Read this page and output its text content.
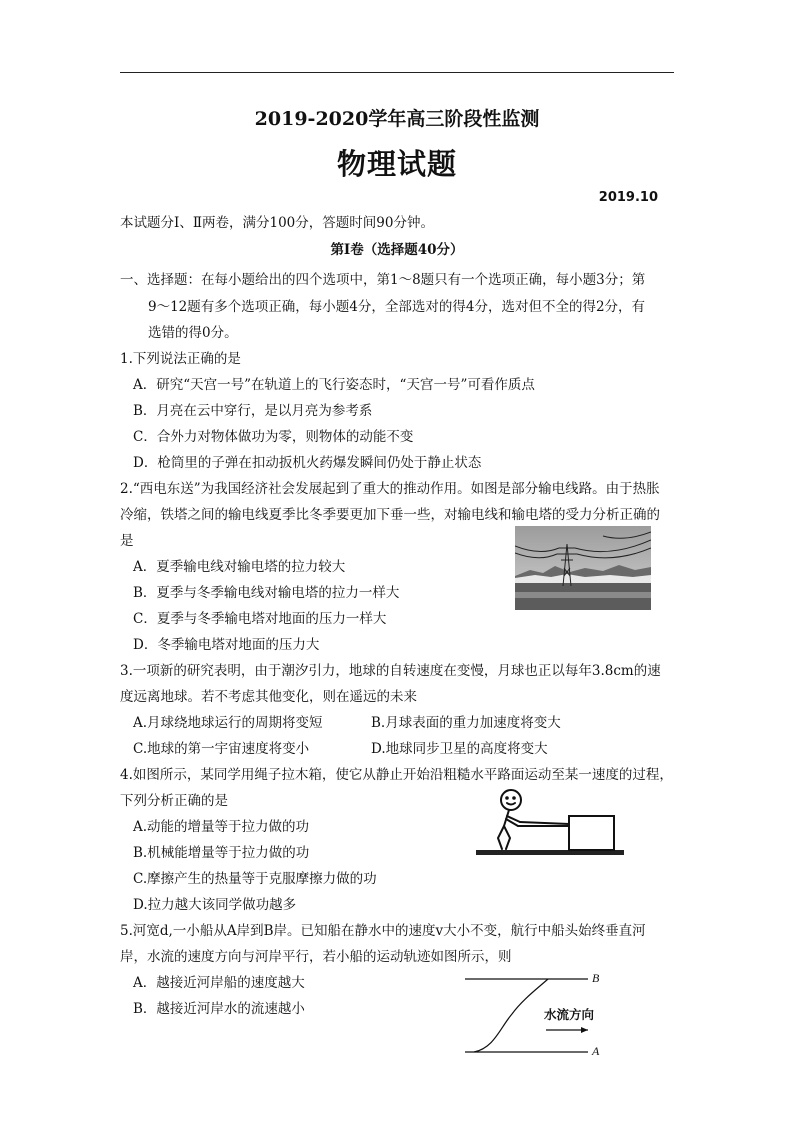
2019-2020学年高三阶段性监测
物理试题
2019.10
本试题分Ⅰ、Ⅱ两卷，满分100分，答题时间90分钟。
第Ⅰ卷（选择题40分）
一、选择题：在每小题给出的四个选项中，第1～8题只有一个选项正确，每小题3分；第
9～12题有多个选项正确，每小题4分，全部选对的得4分，选对但不全的得2分，有
选错的得0分。
1.下列说法正确的是
A．研究“天宫一号”在轨道上的飞行姿态时，“天宫一号”可看作质点
B．月亮在云中穿行，是以月亮为参考系
C．合外力对物体做功为零，则物体的动能不变
D．枪筒里的子弹在扣动扳机火药爆发瞬间仍处于静止状态
2.“西电东送”为我国经济社会发展起到了重大的推动作用。如图是部分输电线路。由于热胀
冷缩，铁塔之间的输电线夏季比冬季要更加下垂一些，对输电线和输电塔的受力分析正确的
是
A．夏季输电线对输电塔的拉力较大
B．夏季与冬季输电线对输电塔的拉力一样大
C．夏季与冬季输电塔对地面的压力一样大
D．冬季输电塔对地面的压力大
3.一项新的研究表明，由于潮汐引力，地球的自转速度在变慢，月球也正以每年3.8cm的速
度远离地球。若不考虑其他变化，则在遥远的未来
A.月球绕地球运行的周期将变短	B.月球表面的重力加速度将变大
C.地球的第一宇宙速度将变小	D.地球同步卫星的高度将变大
4.如图所示，某同学用绳子拉木箱，使它从静止开始沿粗糙水平路面运动至某一速度的过程，
下列分析正确的是
A.动能的增量等于拉力做的功
B.机械能增量等于拉力做的功
C.摩擦产生的热量等于克服摩擦力做的功
D.拉力越大该同学做功越多
5.河宽d,一小船从A岸到B岸。已知船在静水中的速度v大小不变，航行中船头始终垂直河
岸，水流的速度方向与河岸平行，若小船的运动轨迹如图所示，则
A．越接近河岸船的速度越大
B．越接近河岸水的流速越小
B
A
水流方向
